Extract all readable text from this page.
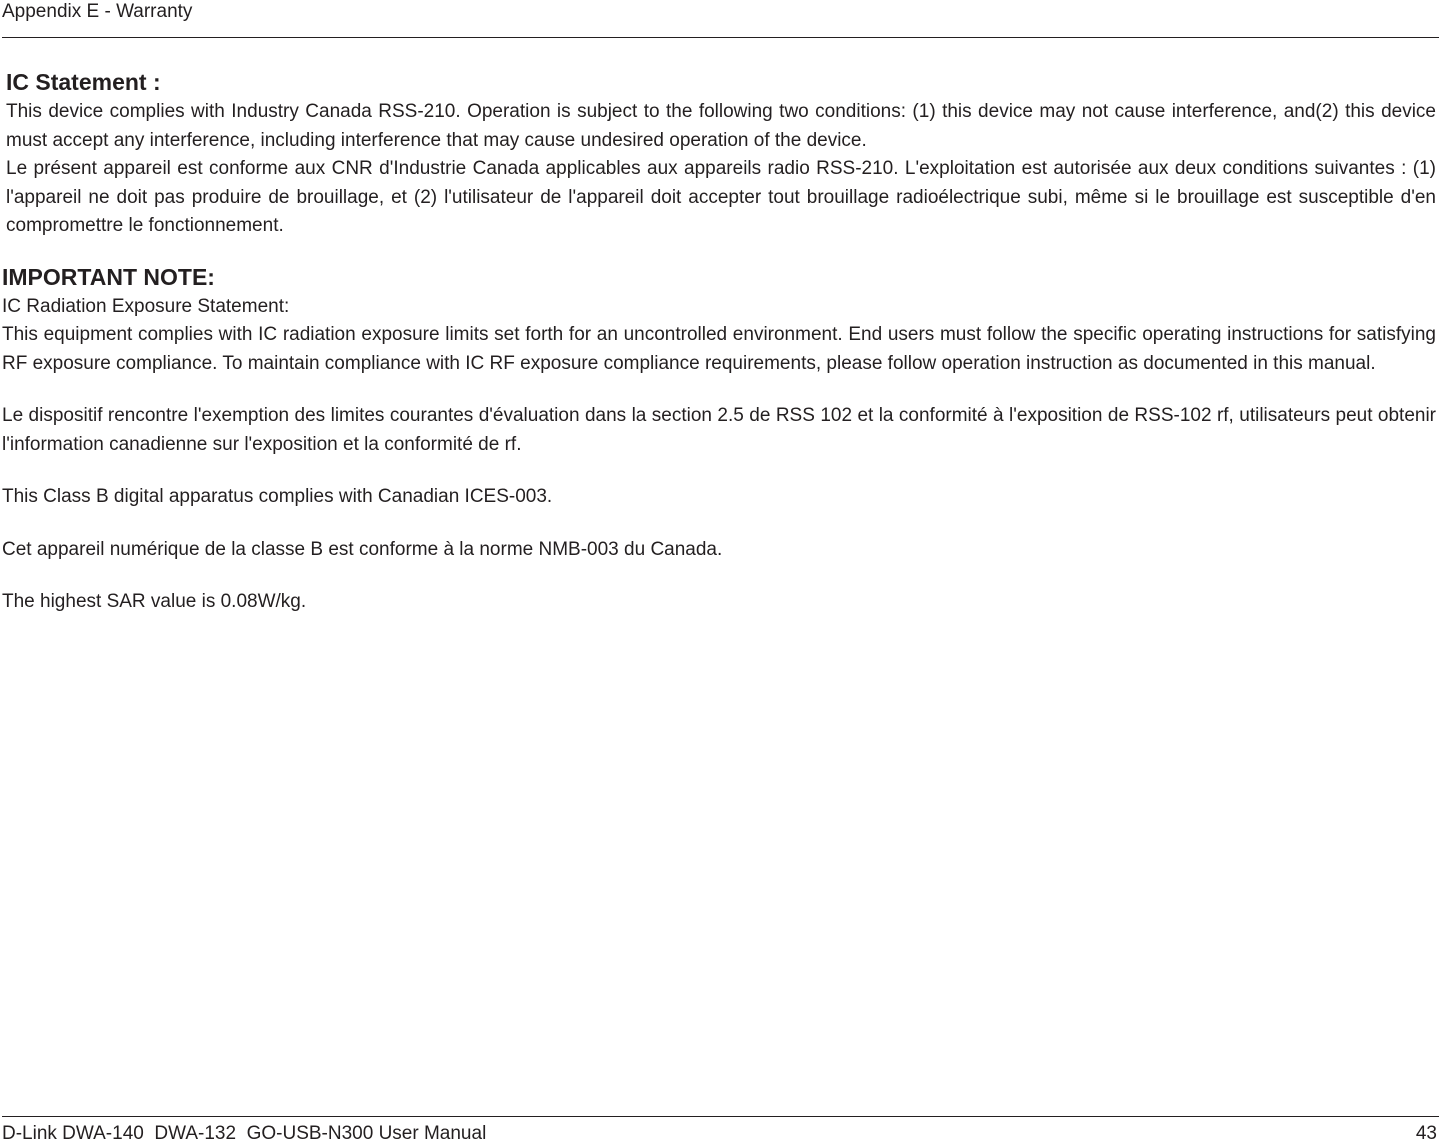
Appendix E - Warranty
IC Statement :

This device complies with Industry Canada RSS-210. Operation is subject to the following two conditions: (1) this device may not cause interference, and(2) this device must accept any interference, including interference that may cause undesired operation of the device.

Le présent appareil est conforme aux CNR d'Industrie Canada applicables aux appareils radio RSS-210. L'exploitation est autorisée aux deux conditions suivantes : (1) l'appareil ne doit pas produire de brouillage, et (2) l'utilisateur de l'appareil doit accepter tout brouillage radioélectrique subi, même si le brouillage est susceptible d'en compromettre le fonctionnement.

IMPORTANT NOTE:

IC Radiation Exposure Statement:

This equipment complies with IC radiation exposure limits set forth for an uncontrolled environment. End users must follow the specific operating instructions for satisfying RF exposure compliance. To maintain compliance with IC RF exposure compliance requirements, please follow operation instruction as documented in this manual.

Le dispositif rencontre l'exemption des limites courantes d'évaluation dans la section 2.5 de RSS 102 et la conformité à l'exposition de RSS-102 rf, utilisateurs peut obtenir l'information canadienne sur l'exposition et la conformité de rf.

This Class B digital apparatus complies with Canadian ICES-003.

Cet appareil numérique de la classe B est conforme à la norme NMB-003 du Canada.

The highest SAR value is 0.08W/kg.

D-Link DWA-140  DWA-132  GO-USB-N300 User Manual	43
